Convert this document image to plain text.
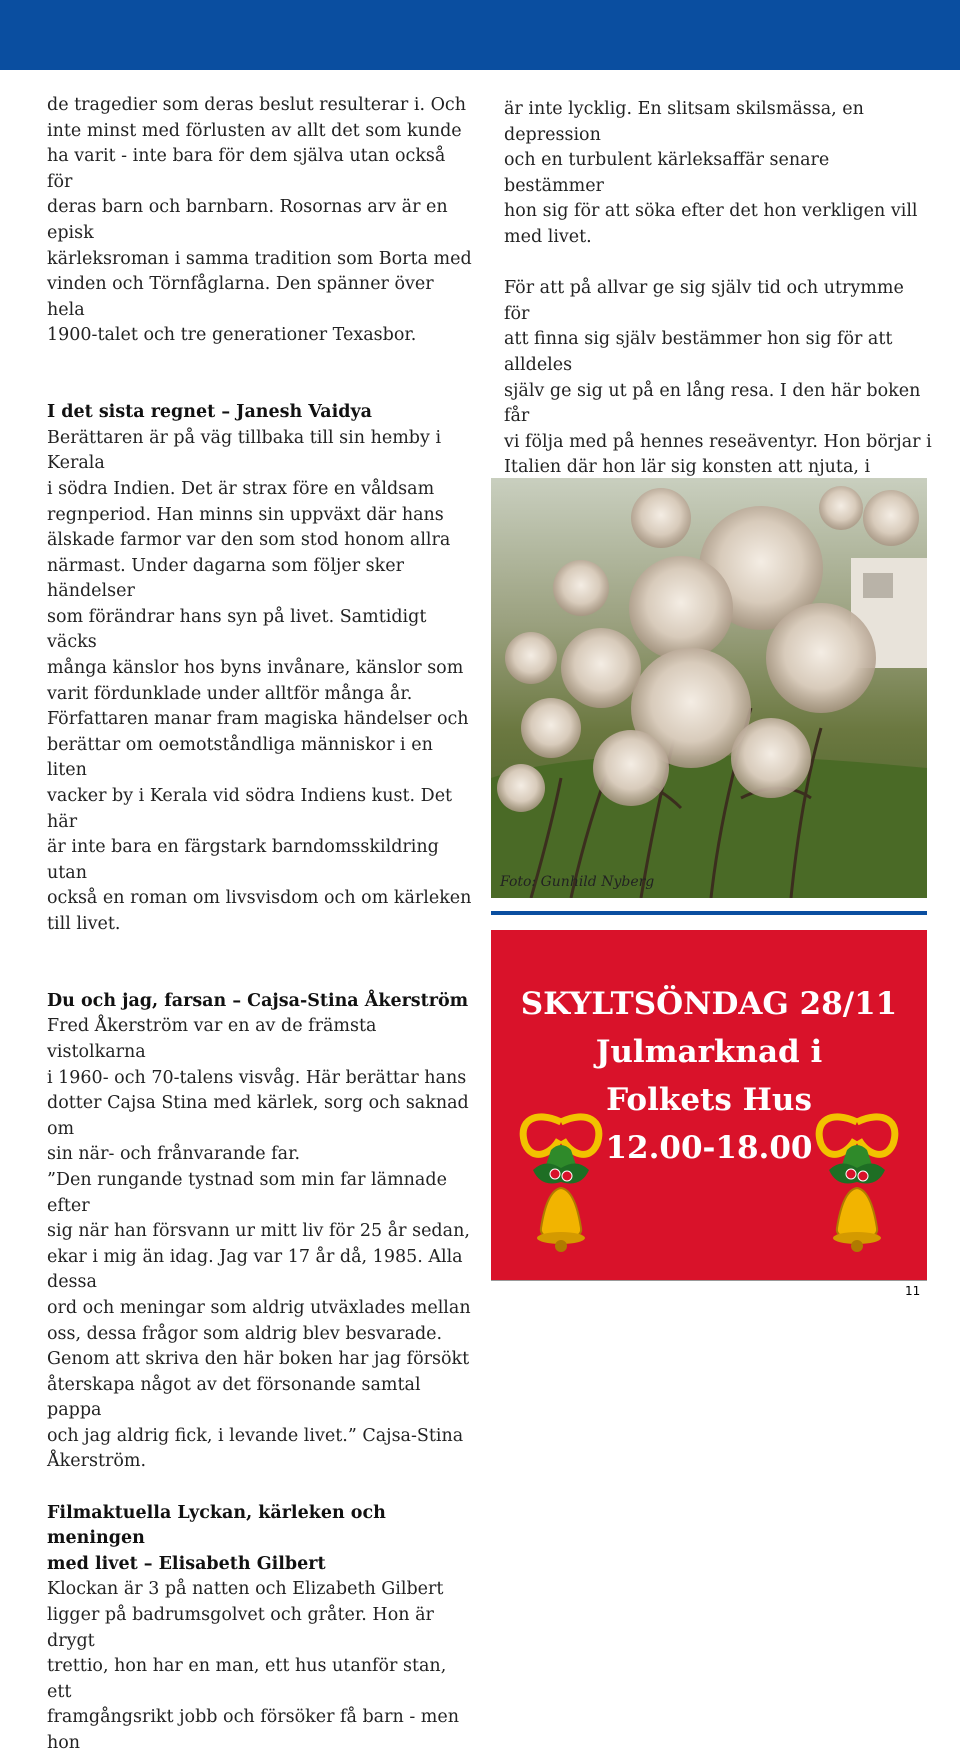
de tragedier som deras beslut resulterar i. Och

inte minst med förlusten av allt det som kunde

ha varit - inte bara för dem själva utan också för

deras barn och barnbarn. Rosornas arv är en episk

kärleksroman i samma tradition som Borta med

vinden och Törnfåglarna. Den spänner över hela

1900-talet och tre generationer Texasbor.

I det sista regnet – Janesh Vaidya

Berättaren är på väg tillbaka till sin hemby i Kerala

i södra Indien. Det är strax före en våldsam

regnperiod. Han minns sin uppväxt där hans

älskade farmor var den som stod honom allra

närmast. Under dagarna som följer sker händelser

som förändrar hans syn på livet. Samtidigt väcks

många känslor hos byns invånare, känslor som

varit fördunklade under alltför många år.

Författaren manar fram magiska händelser och

berättar om oemotståndliga människor i en liten

vacker by i Kerala vid södra Indiens kust. Det här

är inte bara en färgstark barndomsskildring utan

också en roman om livsvisdom och om kärleken

till livet.

Du och jag, farsan – Cajsa-Stina Åkerström

Fred Åkerström var en av de främsta vistolkarna

i 1960- och 70-talens visvåg. Här berättar hans

dotter Cajsa Stina med kärlek, sorg och saknad om

sin när- och frånvarande far.

”Den rungande tystnad som min far lämnade efter

sig när han försvann ur mitt liv för 25 år sedan,

ekar i mig än idag. Jag var 17 år då, 1985. Alla dessa

ord och meningar som aldrig utväxlades mellan

oss, dessa frågor som aldrig blev besvarade.

Genom att skriva den här boken har jag försökt

återskapa något av det försonande samtal pappa

och jag aldrig fick, i levande livet.” Cajsa-Stina

Åkerström.

Filmaktuella Lyckan, kärleken och meningen

med livet – Elisabeth Gilbert

Klockan är 3 på natten och Elizabeth Gilbert

ligger på badrumsgolvet och gråter. Hon är drygt

trettio, hon har en man, ett hus utanför stan, ett

framgångsrikt jobb och försöker få barn - men hon

är inte lycklig. En slitsam skilsmässa, en depression

och en turbulent kärleksaffär senare bestämmer

hon sig för att söka efter det hon verkligen vill

med livet.

För att på allvar ge sig själv tid och utrymme för

att finna sig själv bestämmer hon sig för att alldeles

själv ge sig ut på en lång resa. I den här boken får

vi följa med på hennes reseäventyr. Hon börjar i

Italien där hon lär sig konsten att njuta, i

Foto: Gunhild Nyberg
SKYLTSÖNDAG 28/11
Julmarknad i
Folkets Hus
12.00-18.00
11
